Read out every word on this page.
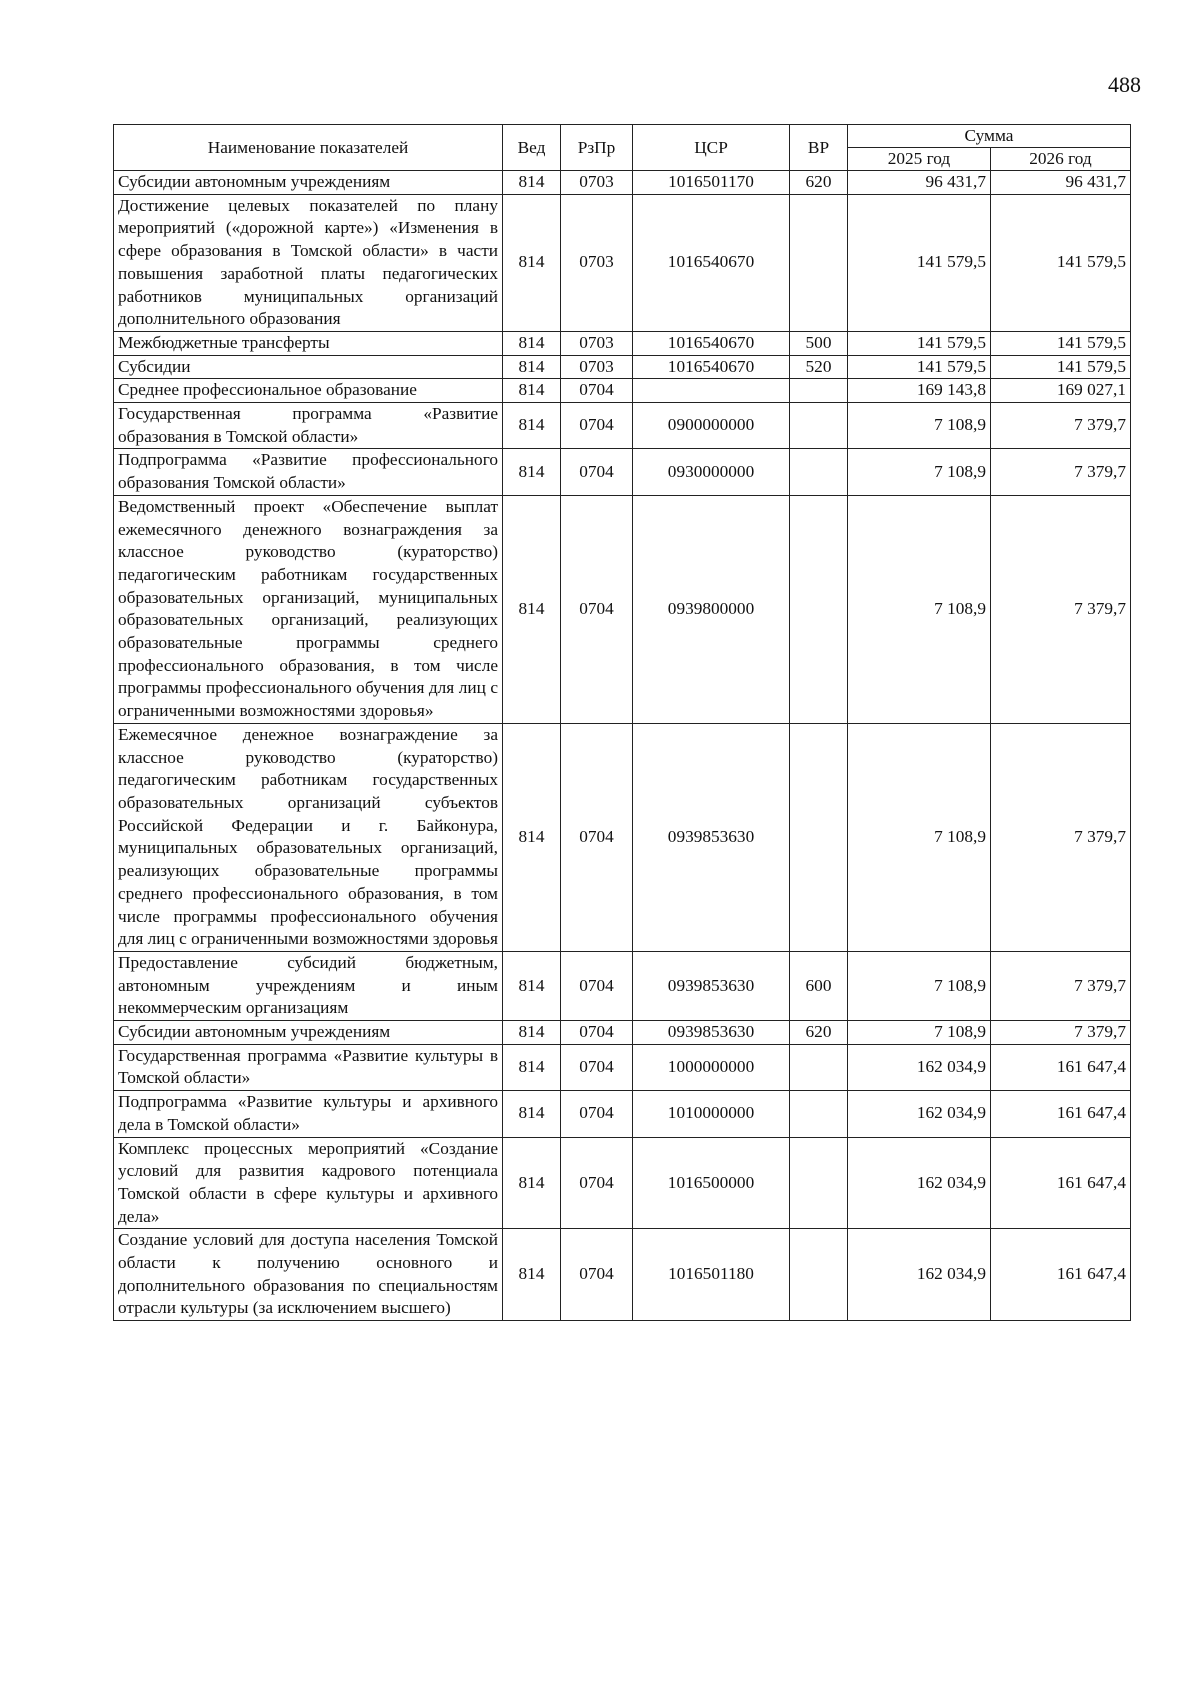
488
Наименование показателей	Вед	РзПр	ЦСР	ВР	Сумма	
					2025 год	2026 год
Субсидии автономным учреждениям	814	0703	1016501170	620	96 431,7	96 431,7
Достижение целевых показателей по плану мероприятий («дорожной карте») «Изменения в сфере образования в Томской области» в части повышения заработной платы педагогических работников муниципальных организаций дополнительного образования	814	0703	1016540670		141 579,5	141 579,5
Межбюджетные трансферты	814	0703	1016540670	500	141 579,5	141 579,5
Субсидии	814	0703	1016540670	520	141 579,5	141 579,5
Среднее профессиональное образование	814	0704			169 143,8	169 027,1
Государственная программа «Развитие образования в Томской области»	814	0704	0900000000		7 108,9	7 379,7
Подпрограмма «Развитие профессионального образования Томской области»	814	0704	0930000000		7 108,9	7 379,7
Ведомственный проект «Обеспечение выплат ежемесячного денежного вознаграждения за классное руководство (кураторство) педагогическим работникам государственных образовательных организаций, муниципальных образовательных организаций, реализующих образовательные программы среднего профессионального образования, в том числе программы профессионального обучения для лиц с ограниченными возможностями здоровья»	814	0704	0939800000		7 108,9	7 379,7
Ежемесячное денежное вознаграждение за классное руководство (кураторство) педагогическим работникам государственных образовательных организаций субъектов Российской Федерации и г. Байконура, муниципальных образовательных организаций, реализующих образовательные программы среднего профессионального образования, в том числе программы профессионального обучения для лиц с ограниченными возможностями здоровья	814	0704	0939853630		7 108,9	7 379,7
Предоставление субсидий бюджетным, автономным учреждениям и иным некоммерческим организациям	814	0704	0939853630	600	7 108,9	7 379,7
Субсидии автономным учреждениям	814	0704	0939853630	620	7 108,9	7 379,7
Государственная программа «Развитие культуры в Томской области»	814	0704	1000000000		162 034,9	161 647,4
Подпрограмма «Развитие культуры и архивного дела в Томской области»	814	0704	1010000000		162 034,9	161 647,4
Комплекс процессных мероприятий «Создание условий для развития кадрового потенциала Томской области в сфере культуры и архивного дела»	814	0704	1016500000		162 034,9	161 647,4
Создание условий для доступа населения Томской области к получению основного и дополнительного образования по специальностям отрасли культуры (за исключением высшего)	814	0704	1016501180		162 034,9	161 647,4
